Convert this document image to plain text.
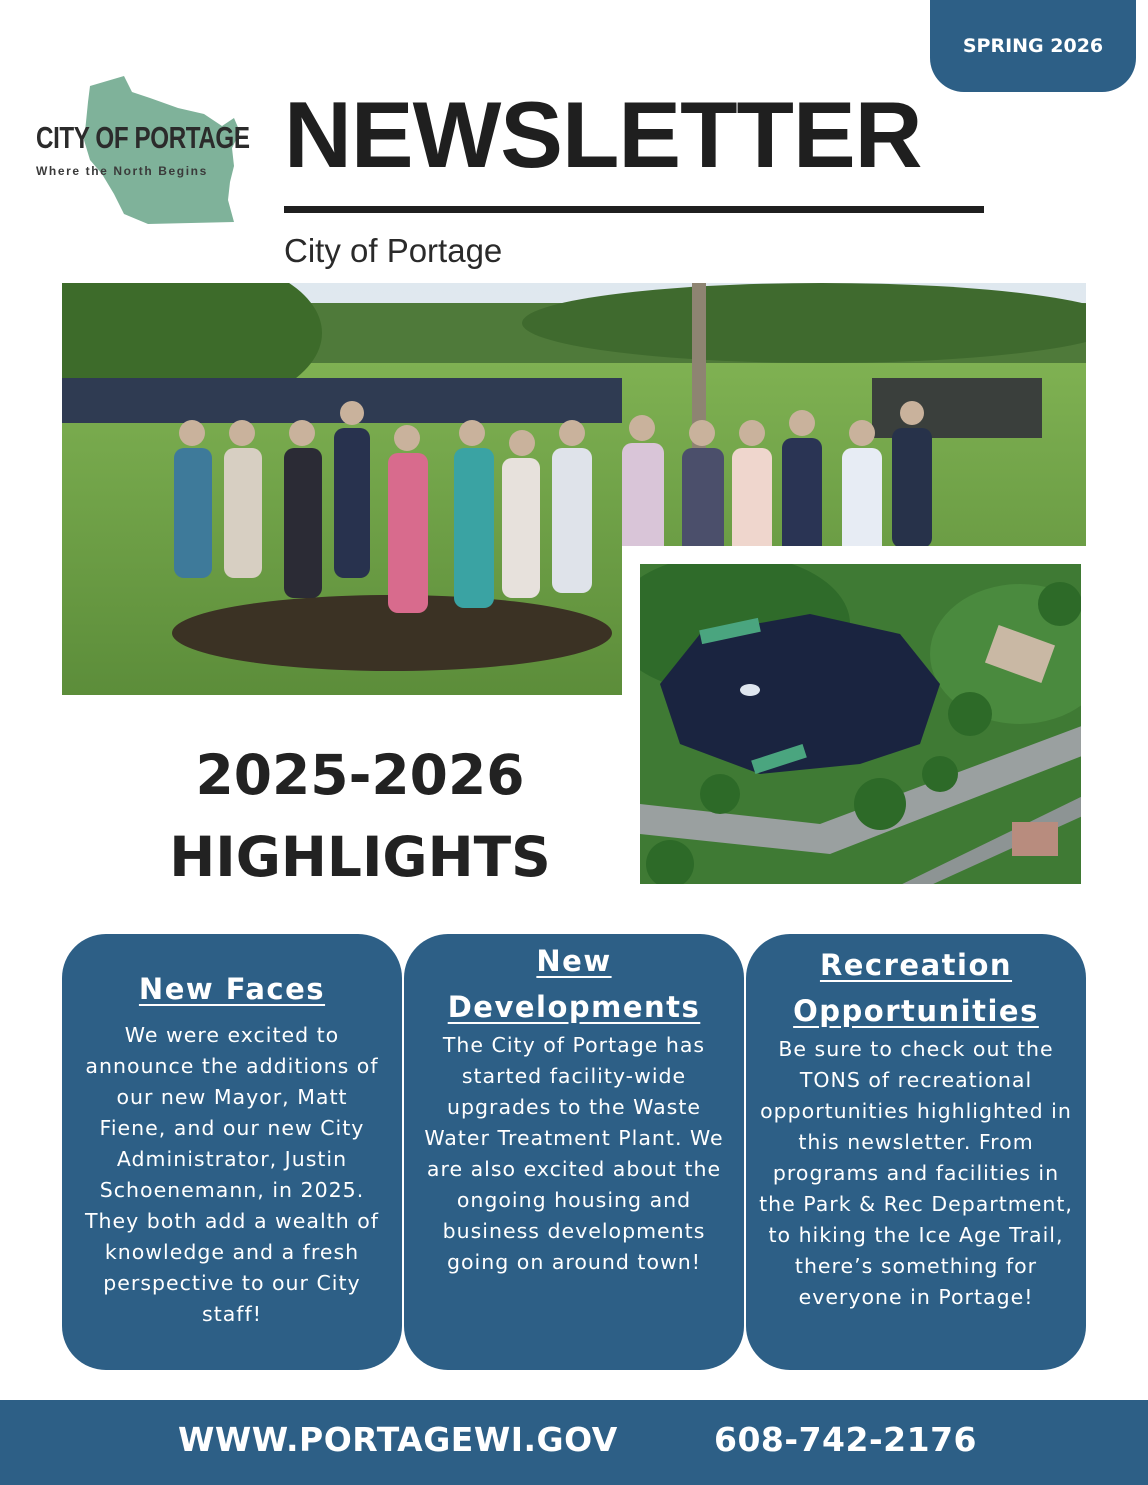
SPRING 2026
CITY OF PORTAGE
Where the North Begins NEWSLETTER
City of Portage
2025-2026
HIGHLIGHTS
New Faces

We were excited to announce the additions of our new Mayor, Matt Fiene, and our new City Administrator, Justin Schoenemann, in 2025. They both add a wealth of knowledge and a fresh perspective to our City staff!

New Developments

The City of Portage has started facility-wide upgrades to the Waste Water Treatment Plant. We are also excited about the ongoing housing and business developments going on around town!

Recreation Opportunities

Be sure to check out the TONS of recreational opportunities highlighted in this newsletter. From programs and facilities in the Park & Rec Department, to hiking the Ice Age Trail, there’s something for everyone in Portage!

WWW.PORTAGEWI.GOV	608-742-2176
